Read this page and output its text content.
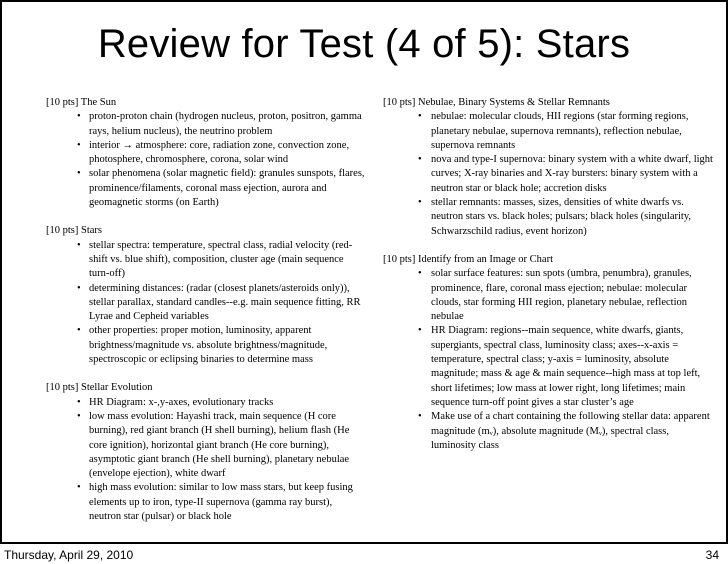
Review for Test (4 of 5): Stars
[10 pts] The Sun
• proton-proton chain (hydrogen nucleus, proton, positron, gamma rays, helium nucleus), the neutrino problem
• interior → atmosphere: core, radiation zone, convection zone, photosphere, chromosphere, corona, solar wind
• solar phenomena (solar magnetic field): granules sunspots, flares, prominence/filaments, coronal mass ejection, aurora and geomagnetic storms (on Earth)
[10 pts] Stars
• stellar spectra: temperature, spectral class, radial velocity (red-shift vs. blue shift), composition, cluster age (main sequence turn-off)
• determining distances: (radar (closest planets/asteroids only)), stellar parallax, standard candles--e.g. main sequence fitting, RR Lyrae and Cepheid variables
• other properties: proper motion, luminosity, apparent brightness/magnitude vs. absolute brightness/magnitude, spectroscopic or eclipsing binaries to determine mass
[10 pts] Stellar Evolution
• HR Diagram: x-,y-axes, evolutionary tracks
• low mass evolution: Hayashi track, main sequence (H core burning), red giant branch (H shell burning), helium flash (He core ignition), horizontal giant branch (He core burning), asymptotic giant branch (He shell burning), planetary nebulae (envelope ejection), white dwarf
• high mass evolution: similar to low mass stars, but keep fusing elements up to iron, type-II supernova (gamma ray burst), neutron star (pulsar) or black hole
[10 pts] Nebulae, Binary Systems & Stellar Remnants
• nebulae: molecular clouds, HII regions (star forming regions, planetary nebulae, supernova remnants), reflection nebulae, supernova remnants
• nova and type-I supernova: binary system with a white dwarf, light curves; X-ray binaries and X-ray bursters: binary system with a neutron star or black hole; accretion disks
• stellar remnants: masses, sizes, densities of white dwarfs vs. neutron stars vs. black holes; pulsars; black holes (singularity, Schwarzschild radius, event horizon)
[10 pts] Identify from an Image or Chart
• solar surface features: sun spots (umbra, penumbra), granules, prominence, flare, coronal mass ejection; nebulae: molecular clouds, star forming HII region, planetary nebulae, reflection nebulae
• HR Diagram: regions--main sequence, white dwarfs, giants, supergiants, spectral class, luminosity class; axes--x-axis = temperature, spectral class; y-axis = luminosity, absolute magnitude; mass & age & main sequence--high mass at top left, short lifetimes; low mass at lower right, long lifetimes; main sequence turn-off point gives a star cluster’s age
• Make use of a chart containing the following stellar data: apparent magnitude (mᵥ), absolute magnitude (Mᵥ), spectral class, luminosity class
Thursday, April 29, 2010	34
